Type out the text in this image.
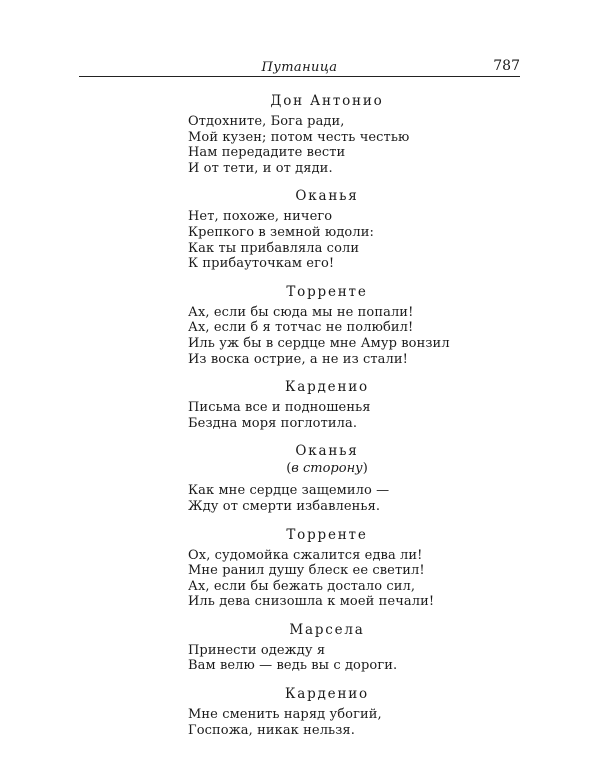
Путаница	787
Дон Антонио
Отдохните, Бога ради,
Мой кузен; потом честь честью
Нам передадите вести
И от тети, и от дяди.
Оканья
Нет, похоже, ничего
Крепкого в земной юдоли:
Как ты прибавляла соли
К прибауточкам его!
Торренте
Ах, если бы сюда мы не попали!
Ах, если б я тотчас не полюбил!
Иль уж бы в сердце мне Амур вонзил
Из воска острие, а не из стали!
Карденио
Письма все и подношенья
Бездна моря поглотила.
Оканья
(в сторону)
Как мне сердце защемило —
Жду от смерти избавленья.
Торренте
Ох, судомойка сжалится едва ли!
Мне ранил душу блеск ее светил!
Ах, если бы бежать достало сил,
Иль дева снизошла к моей печали!
Марсела
Принести одежду я
Вам велю — ведь вы с дороги.
Карденио
Мне сменить наряд убогий,
Госпожа, никак нельзя.
